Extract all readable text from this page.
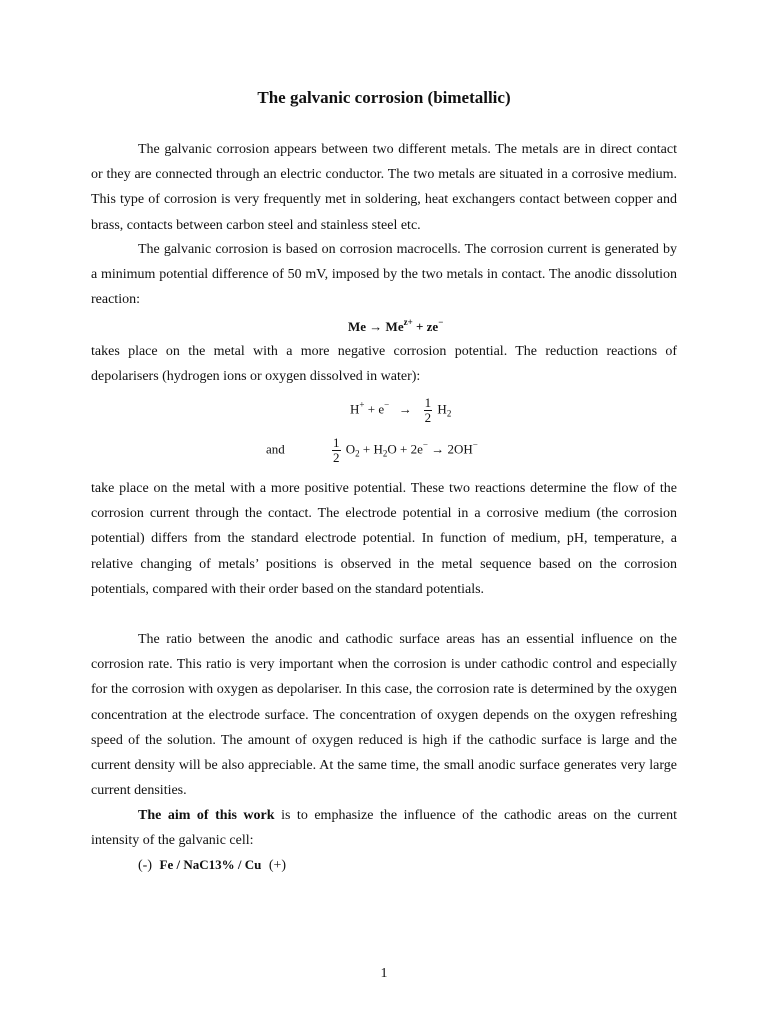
The galvanic corrosion (bimetallic)
The galvanic corrosion appears between two different metals. The metals are in direct contact or they are connected through an electric conductor. The two metals are situated in a corrosive medium. This type of corrosion is very frequently met in soldering, heat exchangers contact between copper and brass, contacts between carbon steel and stainless steel etc.
The galvanic corrosion is based on corrosion macrocells. The corrosion current is generated by a minimum potential difference of 50 mV, imposed by the two metals in contact. The anodic dissolution reaction:
$Me \to Me^{z+} + ze^-$
takes place on the metal with a more negative corrosion potential. The reduction reactions of depolarisers (hydrogen ions or oxygen dissolved in water):
$H^+ + e^- \to \frac{1}{2} H_2$
and	$\frac{1}{2} O_2 + H_2O + 2e^- \to 2OH^-$
take place on the metal with a more positive potential. These two reactions determine the flow of the corrosion current through the contact. The electrode potential in a corrosive medium (the corrosion potential) differs from the standard electrode potential. In function of medium, pH, temperature, a relative changing of metals’ positions is observed in the metal sequence based on the corrosion potentials, compared with their order based on the standard potentials.
The ratio between the anodic and cathodic surface areas has an essential influence on the corrosion rate. This ratio is very important when the corrosion is under cathodic control and especially for the corrosion with oxygen as depolariser. In this case, the corrosion rate is determined by the oxygen concentration at the electrode surface. The concentration of oxygen depends on the oxygen refreshing speed of the solution. The amount of oxygen reduced is high if the cathodic surface is large and the current density will be also appreciable. At the same time, the small anodic surface generates very large current densities.
The aim of this work is to emphasize the influence of the cathodic areas on the current intensity of the galvanic cell:
(-) Fe / NaC13% / Cu (+)
1
